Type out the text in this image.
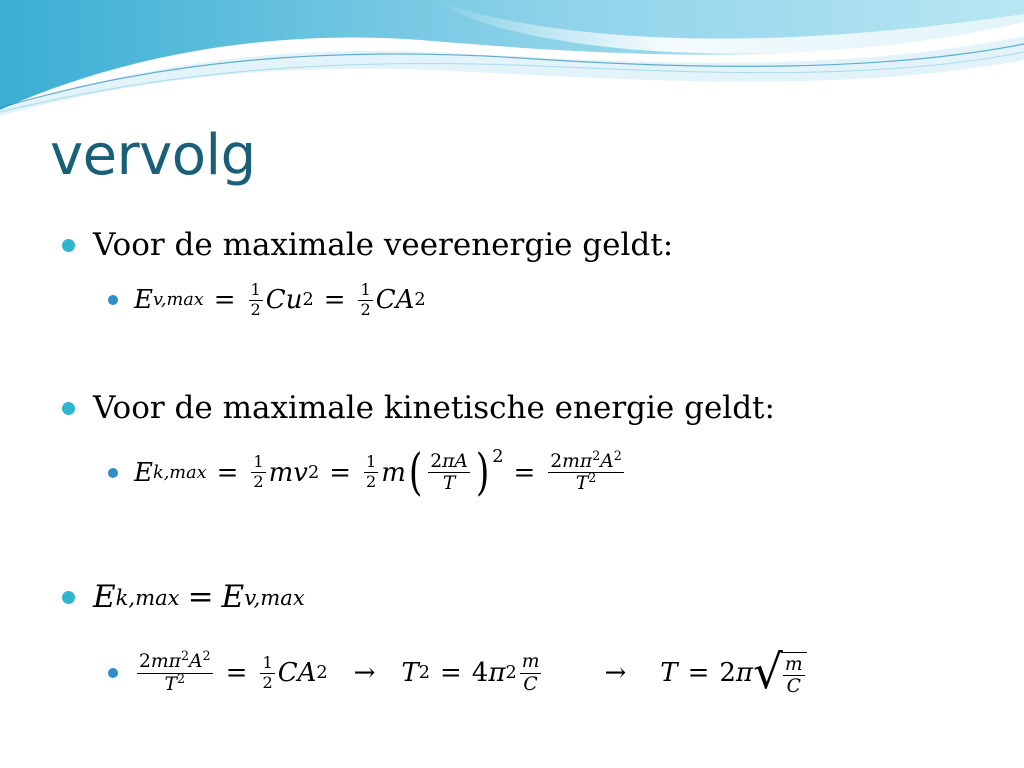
vervolg
Voor de maximale veerenergie geldt:
E $v,\max = \frac{1}{2}$ Cu $2 = \frac{1}{2}$ CA 2
Voor de maximale kinetische energie geldt:
E $k,\max = \frac{1}{2}$ mv $2 = \frac{1}{2}$ m ( $\frac{2\pi A}{T} )^2$
= $\frac{2m\pi^2A^2}{T^2}$
E k,max = E v,max
$\frac{2m\pi^2A^2}{T^2} = \frac{1}{2}$ CA 2 → T 2 = 4 π $2 \frac{m}{C} \to T = 2$ π √ $\frac{m}{C}$
